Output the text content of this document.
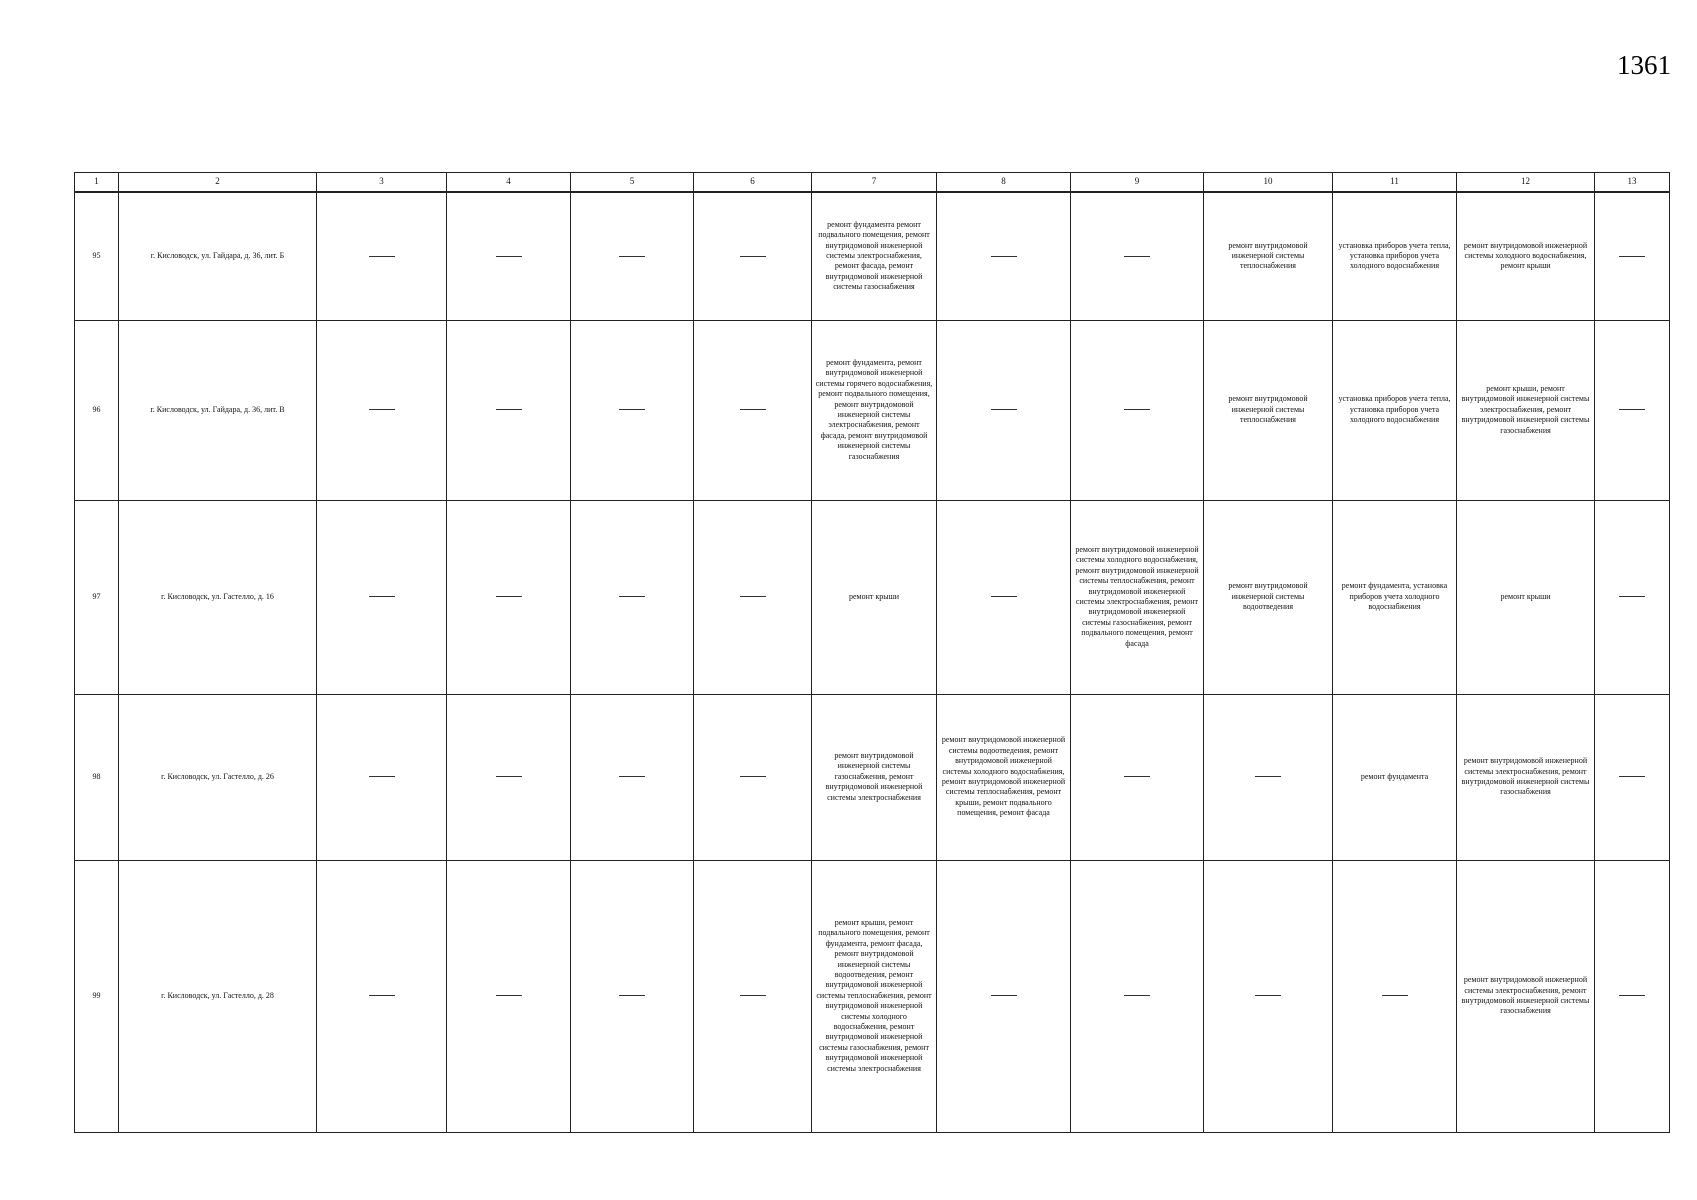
1361
1	2	3	4	5	6	7	8	9	10	11	12	13
95	г. Кисловодск, ул. Гайдара, д. 36, лит. Б					ремонт фундамента ремонт подвального помещения, ремонт внутридомовой инженерной системы электроснабжения, ремонт фасада, ремонт внутридомовой инженерной системы газоснабжения			ремонт внутридомовой инженерной системы теплоснабжения	установка приборов учета тепла, установка приборов учета холодного водоснабжения	ремонт внутридомовой инженерной системы холодного водоснабжения, ремонт крыши	
96	г. Кисловодск, ул. Гайдара, д. 36, лит. В					ремонт фундамента, ремонт внутридомовой инженерной системы горячего водоснабжения, ремонт подвального помещения, ремонт внутридомовой инженерной системы электроснабжения, ремонт фасада, ремонт внутридомовой инженерной системы газоснабжения			ремонт внутридомовой инженерной системы теплоснабжения	установка приборов учета тепла, установка приборов учета холодного водоснабжения	ремонт крыши, ремонт внутридомовой инженерной системы электроснабжения, ремонт внутридомовой инженерной системы газоснабжения	
97	г. Кисловодск, ул. Гастелло, д. 16					ремонт крыши		ремонт внутридомовой инженерной системы холодного водоснабжения, ремонт внутридомовой инженерной системы теплоснабжения, ремонт внутридомовой инженерной системы электроснабжения, ремонт внутридомовой инженерной системы газоснабжения, ремонт подвального помещения, ремонт фасада	ремонт внутридомовой инженерной системы водоотведения	ремонт фундамента, установка приборов учета холодного водоснабжения	ремонт крыши	
98	г. Кисловодск, ул. Гастелло, д. 26					ремонт внутридомовой инженерной системы газоснабжения, ремонт внутридомовой инженерной системы электроснабжения	ремонт внутридомовой инженерной системы водоотведения, ремонт внутридомовой инженерной системы холодного водоснабжения, ремонт внутридомовой инженерной системы теплоснабжения, ремонт крыши, ремонт подвального помещения, ремонт фасада			ремонт фундамента	ремонт внутридомовой инженерной системы электроснабжения, ремонт внутридомовой инженерной системы газоснабжения	
99	г. Кисловодск, ул. Гастелло, д. 28					ремонт крыши, ремонт подвального помещения, ремонт фундамента, ремонт фасада, ремонт внутридомовой инженерной системы водоотведения, ремонт внутридомовой инженерной системы теплоснабжения, ремонт внутридомовой инженерной системы холодного водоснабжения, ремонт внутридомовой инженерной системы газоснабжения, ремонт внутридомовой инженерной системы электроснабжения					ремонт внутридомовой инженерной системы электроснабжения, ремонт внутридомовой инженерной системы газоснабжения	
